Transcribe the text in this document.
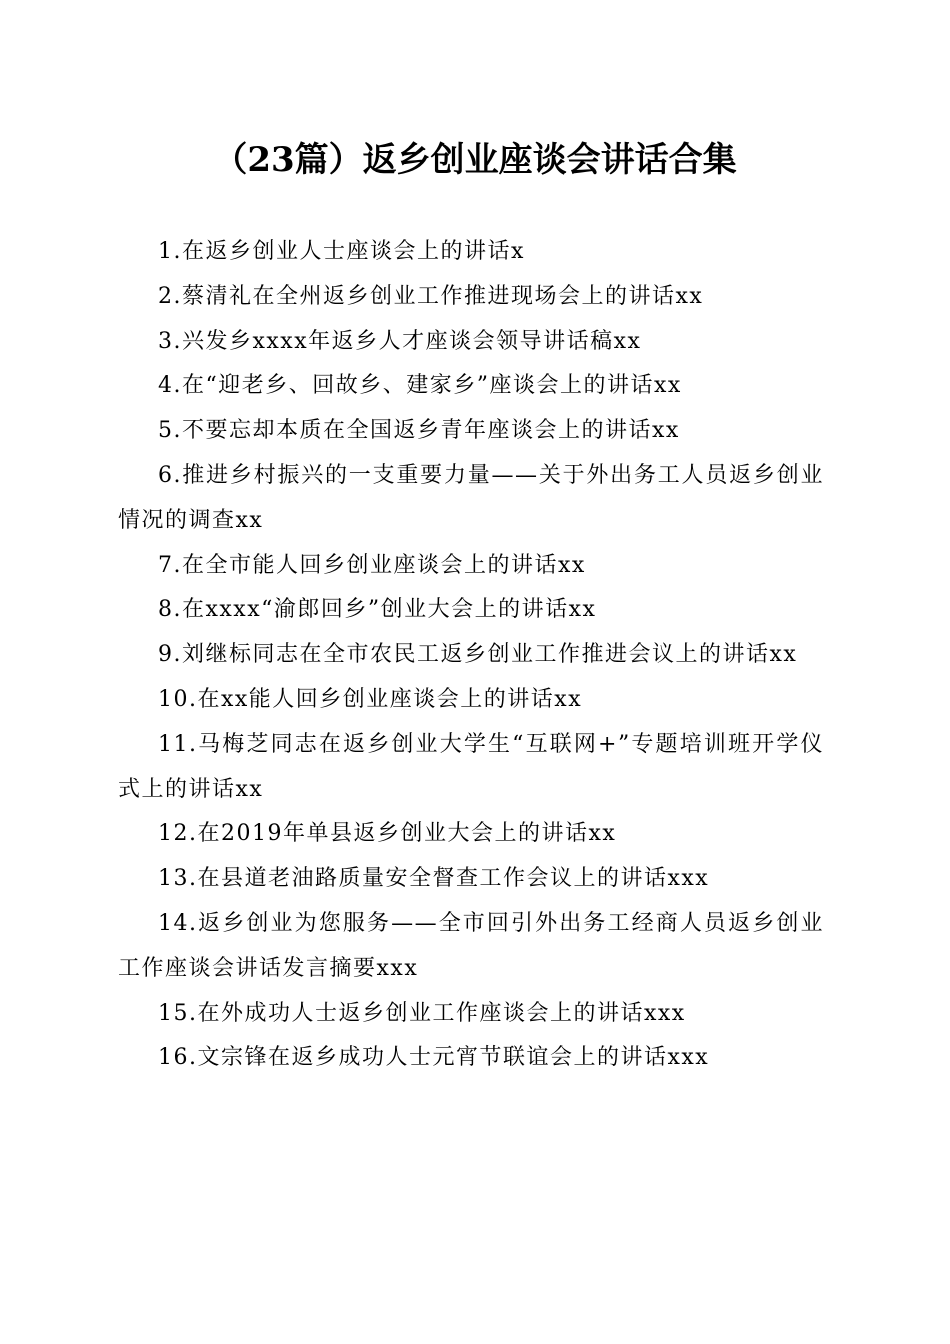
（23篇）返乡创业座谈会讲话合集
1.在返乡创业人士座谈会上的讲话x
2.蔡清礼在全州返乡创业工作推进现场会上的讲话xx
3.兴发乡xxxx年返乡人才座谈会领导讲话稿xx
4.在“迎老乡、回故乡、建家乡”座谈会上的讲话xx
5.不要忘却本质在全国返乡青年座谈会上的讲话xx
6.推进乡村振兴的一支重要力量——关于外出务工人员返乡创业情况的调查xx
7.在全市能人回乡创业座谈会上的讲话xx
8.在xxxx“渝郎回乡”创业大会上的讲话xx
9.刘继标同志在全市农民工返乡创业工作推进会议上的讲话xx
10.在xx能人回乡创业座谈会上的讲话xx
11.马梅芝同志在返乡创业大学生“互联网+”专题培训班开学仪式上的讲话xx
12.在2019年单县返乡创业大会上的讲话xx
13.在县道老油路质量安全督查工作会议上的讲话xxx
14.返乡创业为您服务——全市回引外出务工经商人员返乡创业工作座谈会讲话发言摘要xxx
15.在外成功人士返乡创业工作座谈会上的讲话xxx
16.文宗锋在返乡成功人士元宵节联谊会上的讲话xxx
